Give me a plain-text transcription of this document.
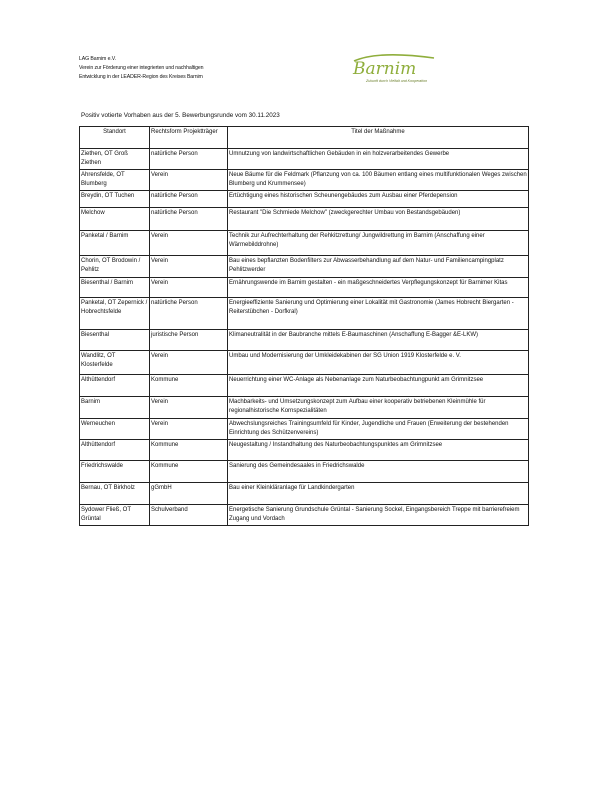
LAG Barnim e.V.
Verein zur Förderung einer integrierten und nachhaltigen
Entwicklung in der LEADER-Region des Kreises Barnim	Barnim
Zukunft durch Vielfalt und Kooperation
Positiv votierte Vorhaben aus der 5. Bewerbungsrunde vom 30.11.2023
Standort	Rechtsform Projektträger	Titel der Maßnahme
Ziethen, OT Groß Ziethen	natürliche Person	Umnutzung von landwirtschaftlichen Gebäuden in ein holzverarbeitendes Gewerbe
Ahrensfelde, OT Blumberg	Verein	Neue Bäume für die Feldmark (Pflanzung von ca. 100 Bäumen entlang eines multifunktionalen Weges zwischen Blumberg und Krummensee)
Breydin, OT Tuchen	natürliche Person	Ertüchtigung eines historischen Scheunengebäudes zum Ausbau einer Pferdepension
Melchow	natürliche Person	Restaurant "Die Schmiede Melchow" (zweckgerechter Umbau von Bestandsgebäuden)
Panketal / Barnim	Verein	Technik zur Aufrechterhaltung der Rehkitzrettung/ Jungwildrettung im Barnim (Anschaffung einer Wärmebilddrohne)
Chorin, OT Brodowin / Pehlitz	Verein	Bau eines bepflanzten Bodenfilters zur Abwasserbehandlung auf dem Natur- und Familiencampingplatz Pehlitzwerder
Biesenthal / Barnim	Verein	Ernährungswende im Barnim gestalten - ein maßgeschneidertes Verpflegungskonzept für Barnimer Kitas
Panketal, OT Zepernick / Hobrechtsfelde	natürliche Person	Energieeffiziente Sanierung und Optimierung einer Lokalität mit Gastronomie (James Hobrecht Biergarten - Reiterstübchen - Dorfkral)
Biesenthal	juristische Person	Klimaneutralität in der Baubranche mittels E-Baumaschinen (Anschaffung E-Bagger &E-LKW)
Wandlitz, OT Klosterfelde	Verein	Umbau und Modernisierung der Umkleidekabinen der SG Union 1919 Klosterfelde e. V.
Althüttendorf	Kommune	Neuerrichtung einer WC-Anlage als Nebenanlage zum Naturbeobachtungpunkt am Grimnitzsee
Barnim	Verein	Machbarkeits- und Umsetzungskonzept zum Aufbau einer kooperativ betriebenen Kleinmühle für regionalhistorische Kornspezialitäten
Werneuchen	Verein	Abwechslungsreiches Trainingsumfeld für Kinder, Jugendliche und Frauen (Erweiterung der bestehenden Einrichtung des Schützenvereins)
Althüttendorf	Kommune	Neugestaltung / Instandhaltung des Naturbeobachtungspunktes am Grimnitzsee
Friedrichswalde	Kommune	Sanierung des Gemeindesaales in Friedrichswalde
Bernau, OT Birkholz	gGmbH	Bau einer Kleinkläranlage für Landkindergarten
Sydower Fließ, OT Grüntal	Schulverband	Energetische Sanierung Grundschule Grüntal - Sanierung Sockel, Eingangsbereich Treppe mit barrierefreiem Zugang und Vordach
